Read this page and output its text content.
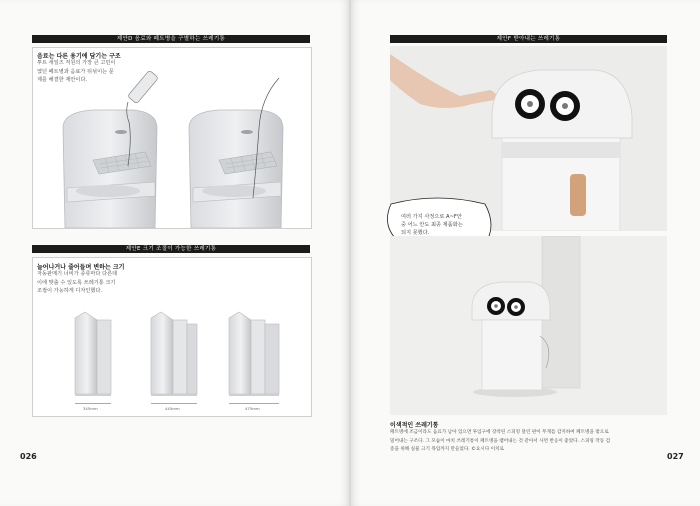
제안D 음료와 페트병을 구별하는 쓰레기통
음료는 다른 용기에 담기는 구조
투트 세일즈 직원의 가장 큰 고민이
였던 페트병과 음료가 뒤섞이는 문
제를 해결한 제안이다.
제안E 크기 조절이 가능한 쓰레기통
늘어나거나 줄어들며 변하는 크기
자동판매기 너비가 종류마다 다른데
이에 맞출 수 있도록 쓰레기통 크기
조절이 가능하게 디자인했다.
345mm	445mm	475mm
026
제안F 받아내는 쓰레기통
여러 가지 사정으로 A~F안
중 어느 안도 최종 제품화는
되지 못했다.
이색적인 쓰레기통
페트병에 조금이라도 음료가 남아 있으면 투입구에 장착된 스피킹 달린 판이 무게를 감지하여 페트병을 밖으로
밀어내는 구조다. 그 모습이 마치 쓰레기통이 페트병을 뱉어내는 것 같아서 사면 반응이 좋았다. 스피링 작동 검
증을 위해 실물 크기 목업까지 만들었다. ©요시다 이치로
027
